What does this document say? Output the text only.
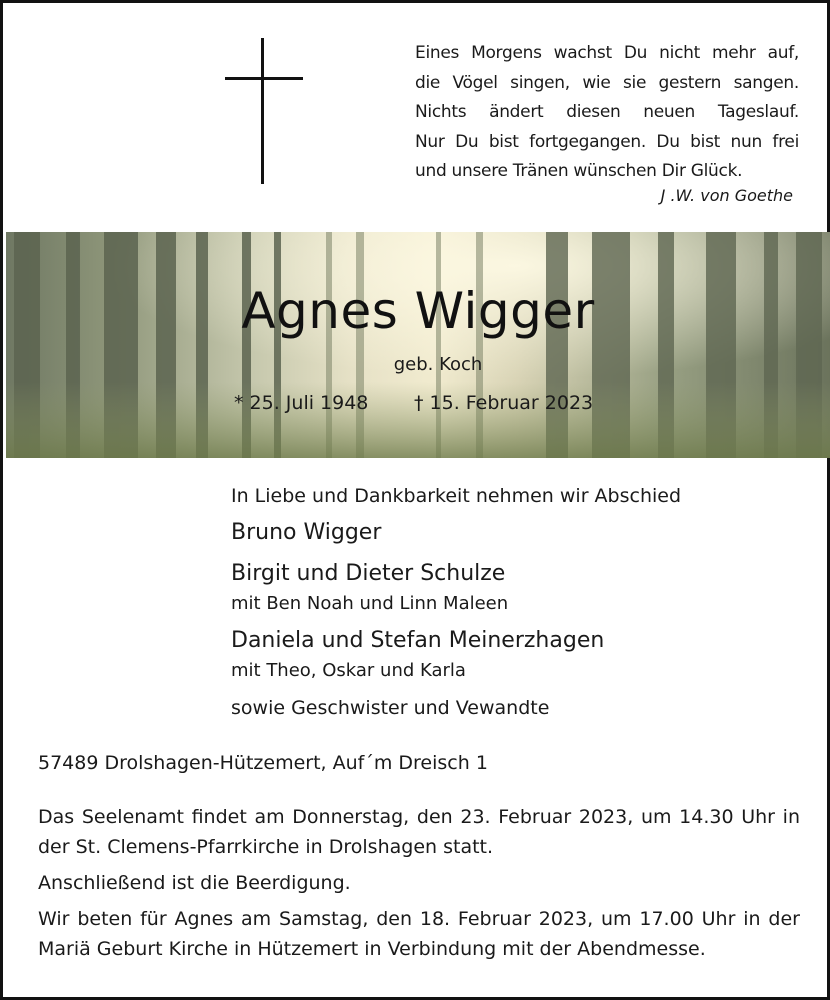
Eines Morgens wachst Du nicht mehr auf,
die Vögel singen, wie sie gestern sangen.
Nichts ändert diesen neuen Tageslauf.
Nur Du bist fortgegangen. Du bist nun frei
und unsere Tränen wünschen Dir Glück.
J .W. von Goethe
Agnes Wigger
geb. Koch
* 25. Juli 1948 † 15. Februar 2023
In Liebe und Dankbarkeit nehmen wir Abschied
Bruno Wigger
Birgit und Dieter Schulze
mit Ben Noah und Linn Maleen
Daniela und Stefan Meinerzhagen
mit Theo, Oskar und Karla
sowie Geschwister und Vewandte
57489 Drolshagen-Hützemert, Auf´m Dreisch 1

Das Seelenamt findet am Donnerstag, den 23. Februar 2023, um 14.30 Uhr in der St. Clemens-Pfarrkirche in Drolshagen statt.

Anschließend ist die Beerdigung.

Wir beten für Agnes am Samstag, den 18. Februar 2023, um 17.00 Uhr in der Mariä Geburt Kirche in Hützemert in Verbindung mit der Abendmesse.
